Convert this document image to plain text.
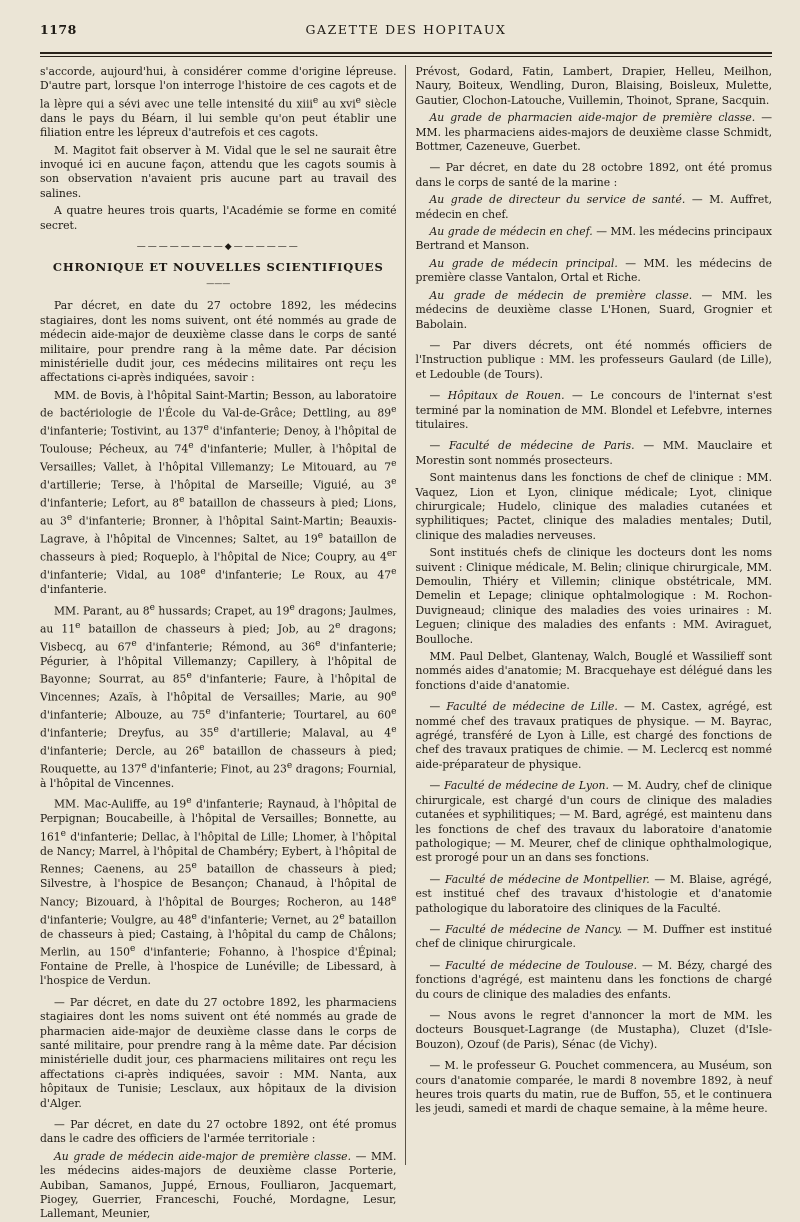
1178	GAZETTE DES HOPITAUX

s'accorde, aujourd'hui, à considérer comme d'origine lépreuse. D'autre part, lorsque l'on interroge l'histoire de ces cagots et de la lèpre qui a sévi avec une telle intensité du xiii$^e$ au xvi$^e$ siècle dans le pays du Béarn, il lui semble qu'on peut établir une filiation entre les lépreux d'autrefois et ces cagots.

M. Magitot fait observer à M. Vidal que le sel ne saurait être invoqué ici en aucune façon, attendu que les cagots soumis à son observation n'avaient pris aucune part au travail des salines.

A quatre heures trois quarts, l'Académie se forme en comité secret.

————————◆——————
CHRONIQUE ET NOUVELLES SCIENTIFIQUES
———

Par décret, en date du 27 octobre 1892, les médecins stagiaires, dont les noms suivent, ont été nommés au grade de médecin aide-major de deuxième classe dans le corps de santé militaire, pour prendre rang à la même date. Par décision ministérielle dudit jour, ces médecins militaires ont reçu les affectations ci-après indiquées, savoir :

MM. de Bovis, à l'hôpital Saint-Martin; Besson, au laboratoire de bactériologie de l'École du Val-de-Grâce; Dettling, au 89e d'infanterie; Tostivint, au 137e d'infanterie; Denoy, à l'hôpital de Toulouse; Pécheux, au 74e d'infanterie; Muller, à l'hôpital de Versailles; Vallet, à l'hôpital Villemanzy; Le Mitouard, au 7e d'artillerie; Terse, à l'hôpital de Marseille; Viguié, au 3e d'infanterie; Lefort, au 8e bataillon de chasseurs à pied; Lions, au 3e d'infanterie; Bronner, à l'hôpital Saint-Martin; Beauxis-Lagrave, à l'hôpital de Vincennes; Saltet, au 19e bataillon de chasseurs à pied; Roqueplo, à l'hôpital de Nice; Coupry, au 4er d'infanterie; Vidal, au 108e d'infanterie; Le Roux, au 47e d'infanterie.

MM. Parant, au 8e hussards; Crapet, au 19e dragons; Jaulmes, au 11e bataillon de chasseurs à pied; Job, au 2e dragons; Visbecq, au 67e d'infanterie; Rémond, au 36e d'infanterie; Pégurier, à l'hôpital Villemanzy; Capillery, à l'hôpital de Bayonne; Sourrat, au 85e d'infanterie; Faure, à l'hôpital de Vincennes; Azaïs, à l'hôpital de Versailles; Marie, au 90e d'infanterie; Albouze, au 75e d'infanterie; Tourtarel, au 60e d'infanterie; Dreyfus, au 35e d'artillerie; Malaval, au 4e d'infanterie; Dercle, au 26e bataillon de chasseurs à pied; Rouquette, au 137e d'infanterie; Finot, au 23e dragons; Fournial, à l'hôpital de Vincennes.

MM. Mac-Auliffe, au 19e d'infanterie; Raynaud, à l'hôpital de Perpignan; Boucabeille, à l'hôpital de Versailles; Bonnette, au 161e d'infanterie; Dellac, à l'hôpital de Lille; Lhomer, à l'hôpital de Nancy; Marrel, à l'hôpital de Chambéry; Eybert, à l'hôpital de Rennes; Caenens, au 25e bataillon de chasseurs à pied; Silvestre, à l'hospice de Besançon; Chanaud, à l'hôpital de Nancy; Bizouard, à l'hôpital de Bourges; Rocheron, au 148e d'infanterie; Voulgre, au 48e d'infanterie; Vernet, au 2e bataillon de chasseurs à pied; Castaing, à l'hôpital du camp de Châlons; Merlin, au 150e d'infanterie; Fohanno, à l'hospice d'Épinal; Fontaine de Prelle, à l'hospice de Lunéville; de Libessard, à l'hospice de Verdun.

— Par décret, en date du 27 octobre 1892, les pharmaciens stagiaires dont les noms suivent ont été nommés au grade de pharmacien aide-major de deuxième classe dans le corps de santé militaire, pour prendre rang à la même date. Par décision ministérielle dudit jour, ces pharmaciens militaires ont reçu les affectations ci-après indiquées, savoir : MM. Nanta, aux hôpitaux de Tunisie; Lesclaux, aux hôpitaux de la division d'Alger.

— Par décret, en date du 27 octobre 1892, ont été promus dans le cadre des officiers de l'armée territoriale :

Au grade de médecin aide-major de première classe. — MM. les médecins aides-majors de deuxième classe Porterie, Aubiban, Samanos, Juppé, Ernous, Foulliaron, Jacquemart, Piogey, Guerrier, Franceschi, Fouché, Mordagne, Lesur, Lallemant, Meunier,

Prévost, Godard, Fatin, Lambert, Drapier, Helleu, Meilhon, Naury, Boiteux, Wendling, Duron, Blaising, Boisleux, Mulette, Gautier, Clochon-Latouche, Vuillemin, Thoinot, Sprane, Sacquin.

Au grade de pharmacien aide-major de première classe. — MM. les pharmaciens aides-majors de deuxième classe Schmidt, Bottmer, Cazeneuve, Guerbet.

— Par décret, en date du 28 octobre 1892, ont été promus dans le corps de santé de la marine :

Au grade de directeur du service de santé. — M. Auffret, médecin en chef.

Au grade de médecin en chef. — MM. les médecins principaux Bertrand et Manson.

Au grade de médecin principal. — MM. les médecins de première classe Vantalon, Ortal et Riche.

Au grade de médecin de première classe. — MM. les médecins de deuxième classe L'Honen, Suard, Grognier et Babolain.

— Par divers décrets, ont été nommés officiers de l'Instruction publique : MM. les professeurs Gaulard (de Lille), et Ledouble (de Tours).

— Hôpitaux de Rouen. — Le concours de l'internat s'est terminé par la nomination de MM. Blondel et Lefebvre, internes titulaires.

— Faculté de médecine de Paris. — MM. Mauclaire et Morestin sont nommés prosecteurs.

Sont maintenus dans les fonctions de chef de clinique : MM. Vaquez, Lion et Lyon, clinique médicale; Lyot, clinique chirurgicale; Hudelo, clinique des maladies cutanées et syphilitiques; Pactet, clinique des maladies mentales; Dutil, clinique des maladies nerveuses.

Sont institués chefs de clinique les docteurs dont les noms suivent : Clinique médicale, M. Belin; clinique chirurgicale, MM. Demoulin, Thiéry et Villemin; clinique obstétricale, MM. Demelin et Lepage; clinique ophtalmologique : M. Rochon-Duvigneaud; clinique des maladies des voies urinaires : M. Leguen; clinique des maladies des enfants : MM. Aviraguet, Boulloche.

MM. Paul Delbet, Glantenay, Walch, Bouglé et Wassilieff sont nommés aides d'anatomie; M. Bracquehaye est délégué dans les fonctions d'aide d'anatomie.

— Faculté de médecine de Lille. — M. Castex, agrégé, est nommé chef des travaux pratiques de physique. — M. Bayrac, agrégé, transféré de Lyon à Lille, est chargé des fonctions de chef des travaux pratiques de chimie. — M. Leclercq est nommé aide-préparateur de physique.

— Faculté de médecine de Lyon. — M. Audry, chef de clinique chirurgicale, est chargé d'un cours de clinique des maladies cutanées et syphilitiques; — M. Bard, agrégé, est maintenu dans les fonctions de chef des travaux du laboratoire d'anatomie pathologique; — M. Meurer, chef de clinique ophthalmologique, est prorogé pour un an dans ses fonctions.

— Faculté de médecine de Montpellier. — M. Blaise, agrégé, est institué chef des travaux d'histologie et d'anatomie pathologique du laboratoire des cliniques de la Faculté.

— Faculté de médecine de Nancy. — M. Duffner est institué chef de clinique chirurgicale.

— Faculté de médecine de Toulouse. — M. Bézy, chargé des fonctions d'agrégé, est maintenu dans les fonctions de chargé du cours de clinique des maladies des enfants.

— Nous avons le regret d'annoncer la mort de MM. les docteurs Bousquet-Lagrange (de Mustapha), Cluzet (d'Isle-Bouzon), Ozouf (de Paris), Sénac (de Vichy).

— M. le professeur G. Pouchet commencera, au Muséum, son cours d'anatomie comparée, le mardi 8 novembre 1892, à neuf heures trois quarts du matin, rue de Buffon, 55, et le continuera les jeudi, samedi et mardi de chaque semaine, à la même heure.
